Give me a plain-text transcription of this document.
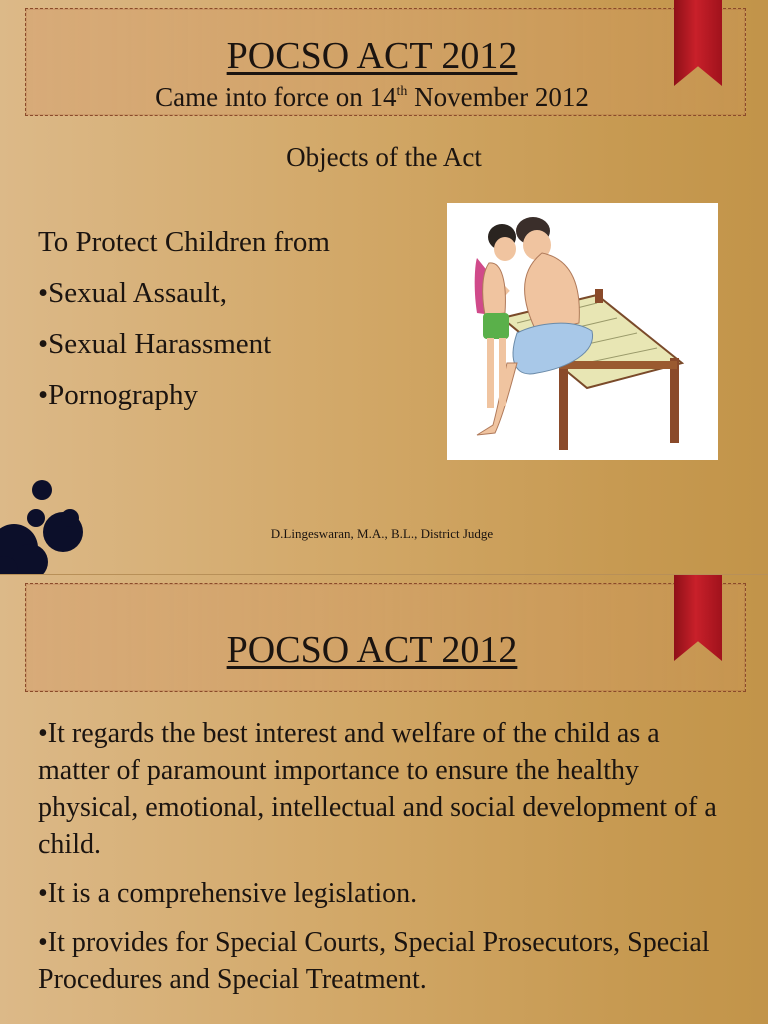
POCSO ACT 2012
Came into force on 14th November 2012
Objects of the Act
To Protect Children from
•Sexual Assault,
•Sexual Harassment
•Pornography
D.Lingeswaran, M.A., B.L., District Judge
POCSO ACT 2012
•It regards the best interest and welfare of the child as a matter of paramount importance to ensure the healthy physical, emotional, intellectual and social development of a child.
•It is a comprehensive legislation.
•It provides for Special Courts, Special Prosecutors, Special Procedures and Special Treatment.
